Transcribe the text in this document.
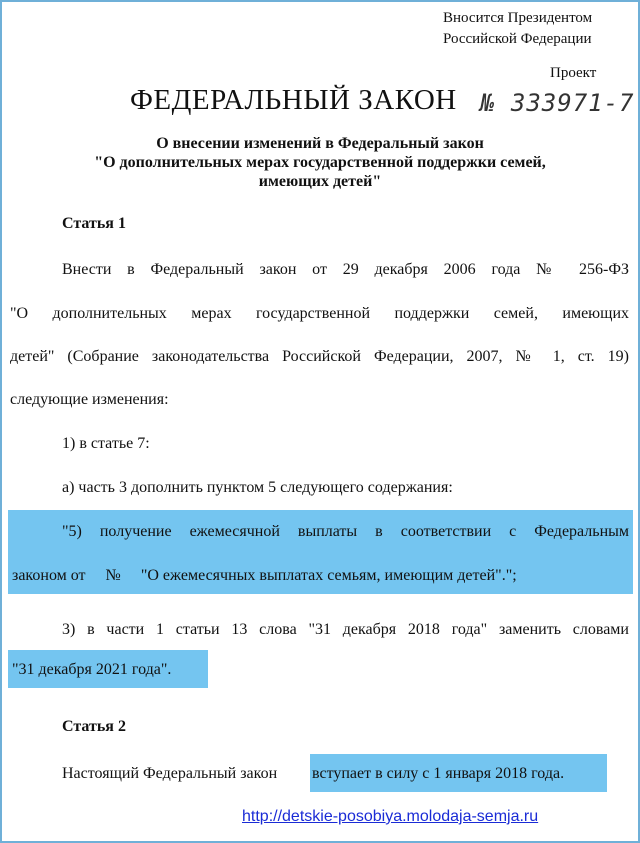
Вносится Президентом
Российской Федерации
Проект
ФЕДЕРАЛЬНЫЙ ЗАКОН № 333971-7
О внесении изменений в Федеральный закон
"О дополнительных мерах государственной поддержки семей,
имеющих детей"
Статья 1
Внести в Федеральный закон от 29 декабря 2006 года № 256-ФЗ
"О дополнительных мерах государственной поддержки семей, имеющих
детей" (Собрание законодательства Российской Федерации, 2007, № 1, ст. 19)
следующие изменения:
1) в статье 7:
а) часть 3 дополнить пунктом 5 следующего содержания:
"5) получение ежемесячной выплаты в соответствии с Федеральным
законом от     №     "О ежемесячных выплатах семьям, имеющим детей".";
3) в части 1 статьи 13 слова "31 декабря 2018 года" заменить словами
"31 декабря 2021 года".
Статья 2
Настоящий Федеральный закон вступает в силу с 1 января 2018 года.
http://detskie-posobiya.molodaja-semja.ru
